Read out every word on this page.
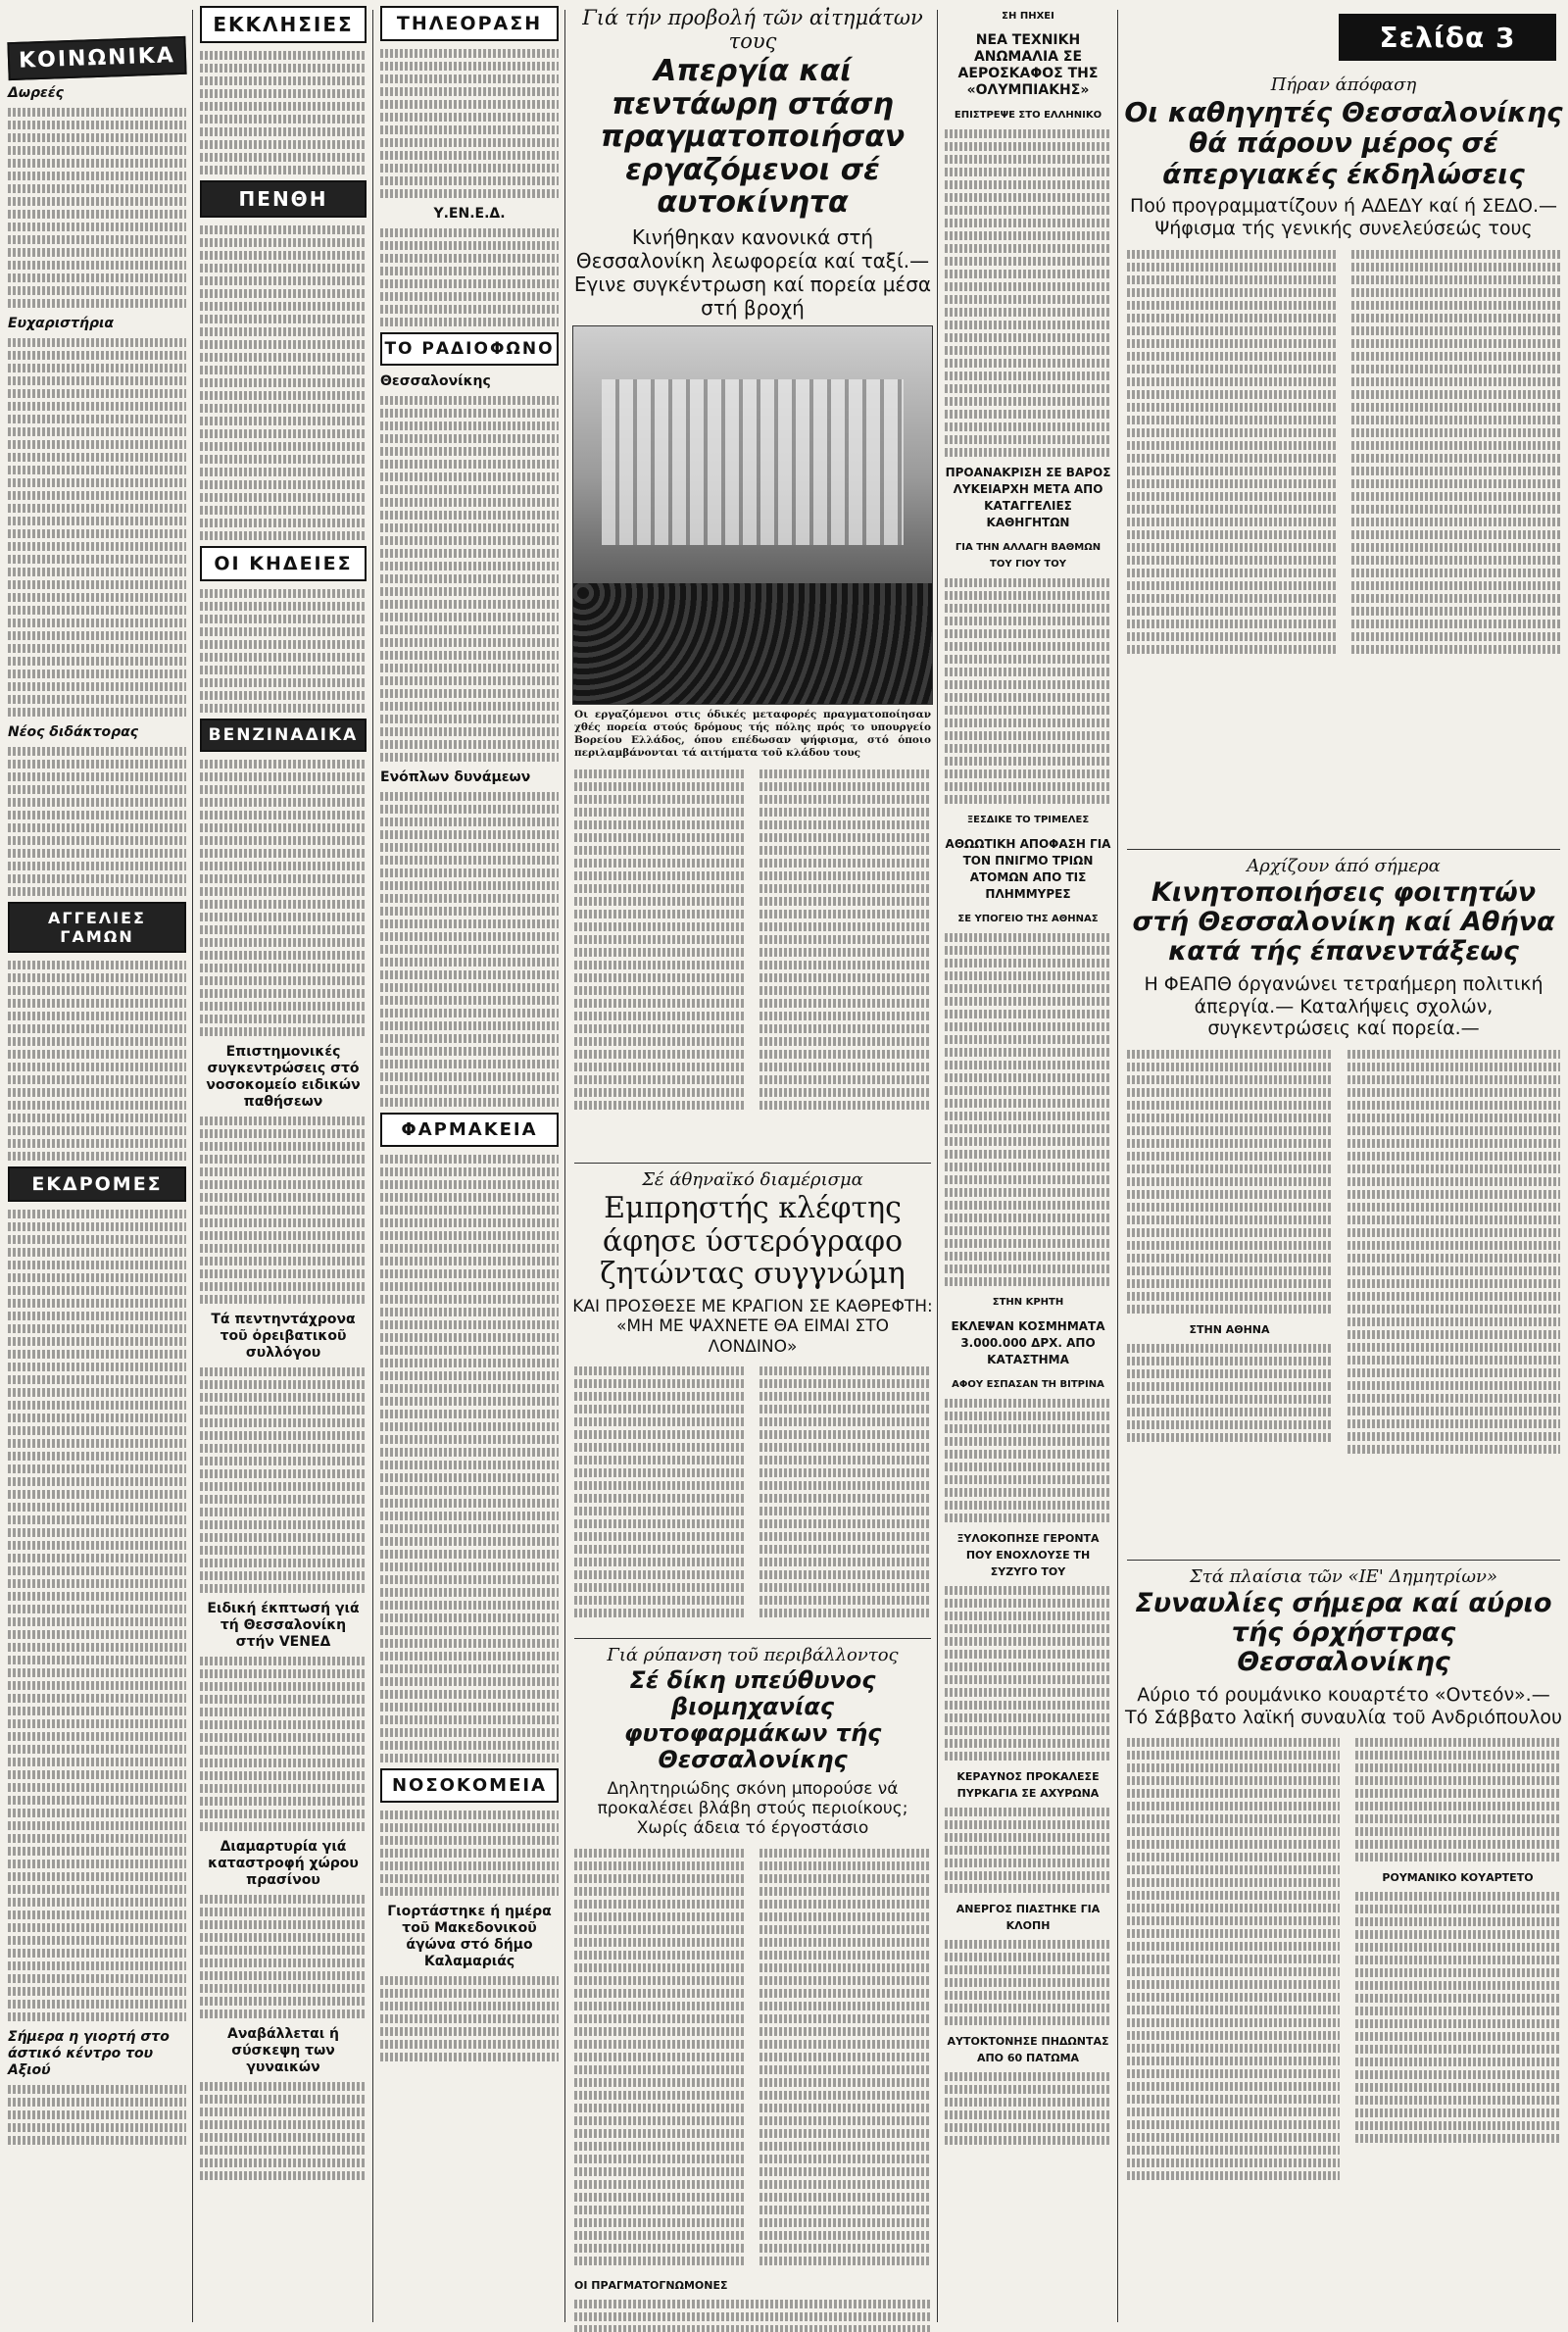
ΚΟΙΝΩΝΙΚΑ
Δωρεές
Ευχαριστήρια
Νέος διδάκτορας
ΑΓΓΕΛΙΕΣ ΓΑΜΩΝ
ΕΚΔΡΟΜΕΣ
Σήμερα η γιορτή στο άστικό κέντρο του Αξιού
ΕΚΚΛΗΣΙΕΣ
ΠΕΝΘΗ
ΟΙ ΚΗΔΕΙΕΣ
ΒΕΝΖΙΝΑΔΙΚΑ
Επιστημονικές συγκεντρώσεις στό νοσοκομείο ειδικών παθήσεων
Τά πεντηντάχρονα τοῦ ὀρειβατικοῦ συλλόγου
Ειδική έκπτωσή γιά τή Θεσσαλονίκη στήν VENEΔ
Διαμαρτυρία γιά καταστροφή χώρου πρασίνου
Αναβάλλεται ή σύσκεψη των γυναικών
ΤΗΛΕΟΡΑΣΗ
Υ.ΕΝ.Ε.Δ.
ΤΟ ΡΑΔΙΟΦΩΝΟ
Θεσσαλονίκης
Ενόπλων δυνάμεων
ΦΑΡΜΑΚΕΙΑ
ΝΟΣΟΚΟΜΕΙΑ
Γιορτάστηκε ή ημέρα τοῦ Μακεδονικοῦ άγώνα στό δήμο Καλαμαριάς
Γιά τήν προβολή τῶν αἰτημάτων τους
Απεργία καί πεντάωρη στάση πραγματοποιήσαν εργαζόμενοι σέ αυτοκίνητα
Κινήθηκαν κανονικά στή Θεσσαλονίκη λεωφορεία καί ταξί.— Εγινε συγκέντρωση καί πορεία μέσα στή βροχή
Οι εργαζόμενοι στις όδικές μεταφορές πραγματοποίησαν χθές πορεία στούς δρόμους τής πόλης πρός το υπουργείο Βορείου Ελλάδος, όπου επέδωσαν ψήφισμα, στό όποιο περιλαμβάνονται τά αιτήματα τοῦ κλάδου τους
Σέ άθηναϊκό διαμέρισμα
Εμπρηστής κλέφτης άφησε ύστερόγραφο ζητώντας συγγνώμη
ΚΑΙ ΠΡΟΣΘΕΣΕ ΜΕ ΚΡΑΓΙΟΝ ΣΕ ΚΑΘΡΕΦΤΗ: «ΜΗ ΜΕ ΨΑΧΝΕΤΕ ΘΑ ΕΙΜΑΙ ΣΤΟ ΛΟΝΔΙΝΟ»
Γιά ρύπανση τοῦ περιβάλλοντος
Σέ δίκη υπεύθυνος βιομηχανίας φυτοφαρμάκων τής Θεσσαλονίκης
Δηλητηριώδης σκόνη μπορούσε νά προκαλέσει βλάβη στούς περιοίκους; Χωρίς άδεια τό έργοστάσιο
ΟΙ ΠΡΑΓΜΑΤΟΓΝΩΜΟΝΕΣ
ΣΗ ΠΗΧΕΙ
ΝΕΑ ΤΕΧΝΙΚΗ ΑΝΩΜΑΛΙΑ ΣΕ ΑΕΡΟΣΚΑΦΟΣ ΤΗΣ «ΟΛΥΜΠΙΑΚΗΣ»
ΕΠΙΣΤΡΕΨΕ ΣΤΟ ΕΛΛΗΝΙΚΟ
ΠΡΟΑΝΑΚΡΙΣΗ ΣΕ ΒΑΡΟΣ ΛΥΚΕΙΑΡΧΗ ΜΕΤΑ ΑΠΟ ΚΑΤΑΓΓΕΛΙΕΣ ΚΑΘΗΓΗΤΩΝ
ΓΙΑ ΤΗΝ ΑΛΛΑΓΗ ΒΑΘΜΩΝ ΤΟΥ ΓΙΟΥ ΤΟΥ
ΞΕΣΔΙΚΕ ΤΟ ΤΡΙΜΕΛΕΣ
ΑΘΩΩΤΙΚΗ ΑΠΟΦΑΣΗ ΓΙΑ ΤΟΝ ΠΝΙΓΜΟ ΤΡΙΩΝ ΑΤΟΜΩΝ ΑΠΟ ΤΙΣ ΠΛΗΜΜΥΡΕΣ
ΣΕ ΥΠΟΓΕΙΟ ΤΗΣ ΑΘΗΝΑΣ
ΣΤΗΝ ΚΡΗΤΗ
ΕΚΛΕΨΑΝ ΚΟΣΜΗΜΑΤΑ 3.000.000 ΔΡΧ. ΑΠΟ ΚΑΤΑΣΤΗΜΑ
ΑΦΟΥ ΕΣΠΑΣΑΝ ΤΗ ΒΙΤΡΙΝΑ
ΞΥΛΟΚΟΠΗΣΕ ΓΕΡΟΝΤΑ ΠΟΥ ΕΝΟΧΛΟΥΣΕ ΤΗ ΣΥΖΥΓΟ ΤΟΥ
ΚΕΡΑΥΝΟΣ ΠΡΟΚΑΛΕΣΕ ΠΥΡΚΑΓΙΑ ΣΕ ΑΧΥΡΩΝΑ
ΑΝΕΡΓΟΣ ΠΙΑΣΤΗΚΕ ΓΙΑ ΚΛΟΠΗ
ΑΥΤΟΚΤΟΝΗΣΕ ΠΗΔΩΝΤΑΣ ΑΠΟ 60 ΠΑΤΩΜΑ
Σελίδα 3
Πήραν άπόφαση
Οι καθηγητές Θεσσαλονίκης θά πάρουν μέρος σέ άπεργιακές έκδηλώσεις
Πού προγραμματίζουν ή ΑΔΕΔΥ καί ή ΣΕΔΟ.— Ψήφισμα τής γενικής συνελεύσεώς τους
Αρχίζουν άπό σήμερα
Κινητοποιήσεις φοιτητών στή Θεσσαλονίκη καί Αθήνα κατά τής έπανεντάξεως
Η ΦΕΑΠΘ όργανώνει τετραήμερη πολιτική άπεργία.— Καταλήψεις σχολών, συγκεντρώσεις καί πορεία.—
ΣΤΗΝ ΑΘΗΝΑ
Στά πλαίσια τῶν «ΙΕ' Δημητρίων»
Συναυλίες σήμερα καί αύριο τής όρχήστρας Θεσσαλονίκης
Αύριο τό ρουμάνικο κουαρτέτο «Οντεόν».— Τό Σάββατο λαϊκή συναυλία τοῦ Ανδριόπουλου
ΡΟΥΜΑΝΙΚΟ ΚΟΥΑΡΤΕΤΟ
